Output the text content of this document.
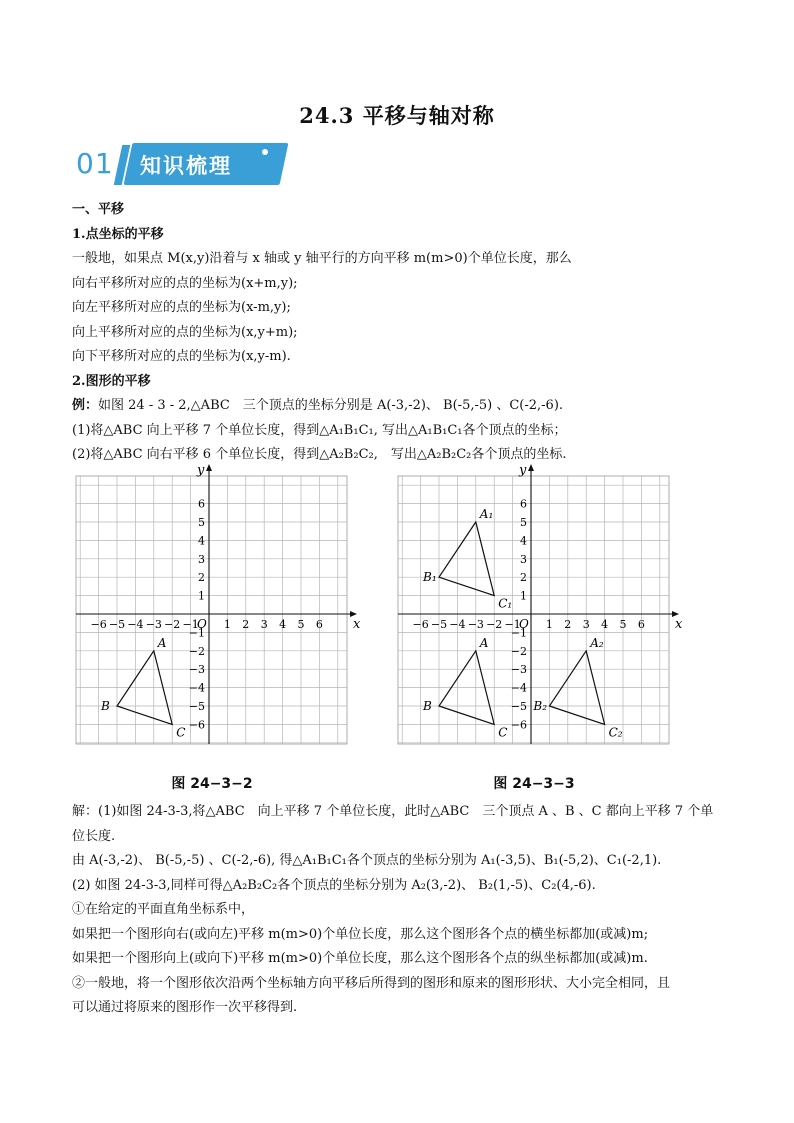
24.3 平移与轴对称
01 知识梳理

一、平移

1.点坐标的平移

一般地，如果点 M(x,y)沿着与 x 轴或 y 轴平行的方向平移 m(m>0)个单位长度，那么

向右平移所对应的点的坐标为(x+m,y);

向左平移所对应的点的坐标为(x-m,y);

向上平移所对应的点的坐标为(x,y+m);

向下平移所对应的点的坐标为(x,y-m).

2.图形的平移

例：如图 24 - 3 - 2,△ABC　三个顶点的坐标分别是 A(-3,-2)、 B(-5,-5) 、C(-2,-6).

(1)将△ABC 向上平移 7 个单位长度，得到△A₁B₁C₁, 写出△A₁B₁C₁各个顶点的坐标；

(2)将△ABC 向右平移 6 个单位长度，得到△A₂B₂C₂,　写出△A₂B₂C₂各个顶点的坐标.

x
y
O
−6 −5 −4 −3 −2 −1 1 2 3 4 5 6
6
5
4
3
2
1
−1
−2
−3
−4
−5
−6
A
B
C
x
y
O
−6 −5 −4 −3 −2 −1 1 2 3 4 5 6
6
5
4
3
2
1
−1
−2
−3
−4
−5
−6
A
B
C
A₁
B₁
C₁
A₂
B₂
C₂
图 24−3−2	图 24−3−3

解：(1)如图 24-3-3,将△ABC　向上平移 7 个单位长度，此时△ABC　三个顶点 A 、B 、C 都向上平移 7 个单

位长度.

由 A(-3,-2)、 B(-5,-5) 、C(-2,-6), 得△A₁B₁C₁各个顶点的坐标分别为 A₁(-3,5)、B₁(-5,2)、C₁(-2,1).

(2) 如图 24-3-3,同样可得△A₂B₂C₂各个顶点的坐标分别为 A₂(3,-2)、 B₂(1,-5)、C₂(4,-6).

①在给定的平面直角坐标系中，

如果把一个图形向右(或向左)平移 m(m>0)个单位长度，那么这个图形各个点的横坐标都加(或减)m;

如果把一个图形向上(或向下)平移 m(m>0)个单位长度，那么这个图形各个点的纵坐标都加(或减)m.

②一般地，将一个图形依次沿两个坐标轴方向平移后所得到的图形和原来的图形形状、大小完全相同，且

可以通过将原来的图形作一次平移得到.
